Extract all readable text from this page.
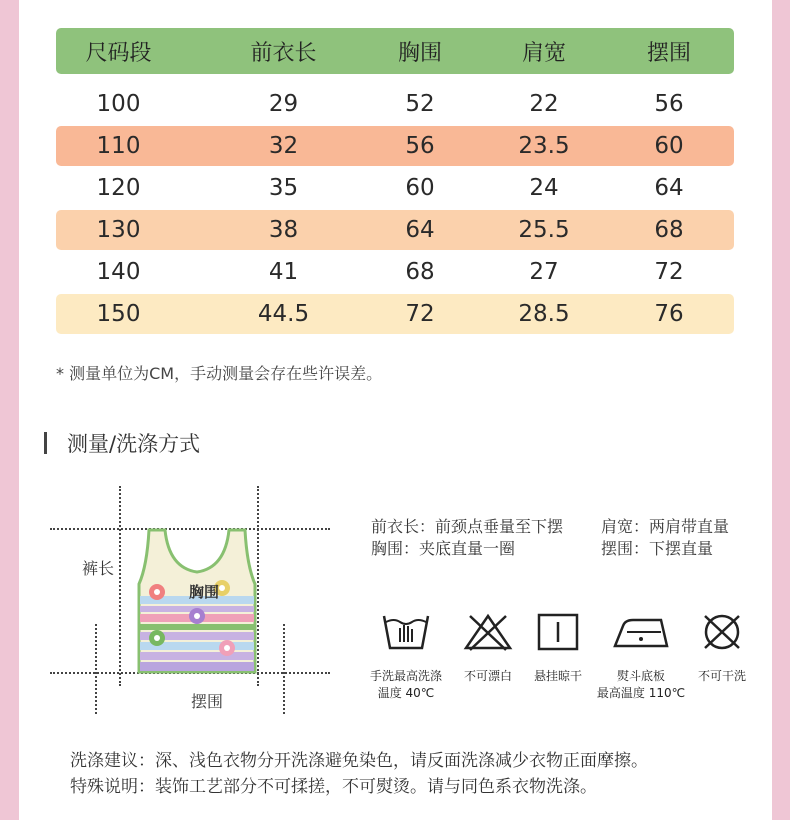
尺码段	前衣长	胸围	肩宽	摆围
100	29	52	22	56
110	32	56	23.5	60
120	35	60	24	64
130	38	64	25.5	68
140	41	68	27	72
150	44.5	72	28.5	76
* 测量单位为CM，手动测量会存在些许误差。
测量/洗涤方式
胸围
裤长
摆围
前衣长：前颈点垂量至下摆	肩宽：两肩带直量
胸围：夹底直量一圈	摆围：下摆直量
手洗最高洗涤
温度 40℃
不可漂白	悬挂晾干	熨斗底板
最高温度 110℃
不可干洗
洗涤建议：深、浅色衣物分开洗涤避免染色，请反面洗涤减少衣物正面摩擦。
特殊说明：装饰工艺部分不可揉搓，不可熨烫。请与同色系衣物洗涤。
